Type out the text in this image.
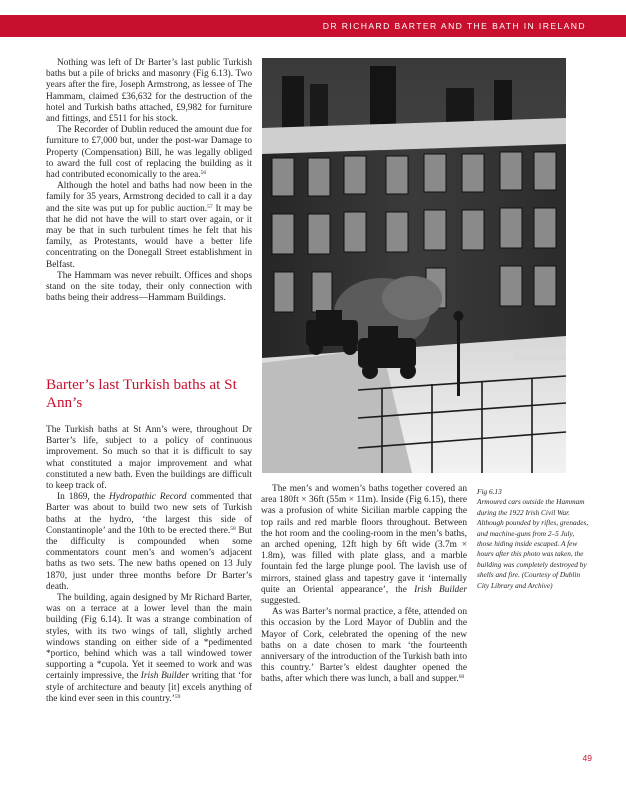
DR RICHARD BARTER AND THE BATH IN IRELAND

Nothing was left of Dr Barter’s last public Turkish baths but a pile of bricks and masonry (Fig 6.13). Two years after the fire, Joseph Armstrong, as lessee of The Hammam, claimed £36,632 for the destruction of the hotel and Turkish baths attached, £9,982 for furniture and fittings, and £511 for his stock.

The Recorder of Dublin reduced the amount due for furniture to £7,000 but, under the post-war Damage to Property (Compensation) Bill, he was legally obliged to award the full cost of replacing the building as it had contributed economically to the area.$^{56}$

Although the hotel and baths had now been in the family for 35 years, Armstrong decided to call it a day and the site was put up for public auction.$^{57}$ It may be that he did not have the will to start over again, or it may be that in such turbulent times he felt that his family, as Protestants, would have a better life concentrating on the Donegall Street establishment in Belfast.

The Hammam was never rebuilt. Offices and shops stand on the site today, their only connection with baths being their address—Hammam Buildings.

Barter’s last Turkish baths at St Ann’s

The Turkish baths at St Ann’s were, throughout Dr Barter’s life, subject to a policy of continuous improvement. So much so that it is difficult to say what constituted a major improvement and what constituted a new bath. Even the buildings are difficult to keep track of.

In 1869, the Hydropathic Record commented that Barter was about to build two new sets of Turkish baths at the hydro, ‘the largest this side of Constantinople’ and the 10th to be erected there.$^{58}$ But the difficulty is compounded when some commentators count men’s and women’s adjacent baths as two sets. The new baths opened on 13 July 1870, just under three months before Dr Barter’s death.

The building, again designed by Mr Richard Barter, was on a terrace at a lower level than the main building (Fig 6.14). It was a strange combination of styles, with its two wings of tall, slightly arched windows standing on either side of a *pedimented *portico, behind which was a tall windowed tower supporting a *cupola. Yet it seemed to work and was certainly impressive, the Irish Builder writing that ‘for style of architecture and beauty [it] excels anything of the kind ever seen in this country.’$^{59}$

The men’s and women’s baths together covered an area 180ft × 36ft (55m × 11m). Inside (Fig 6.15), there was a profusion of white Sicilian marble capping the top rails and red marble floors throughout. Between the hot room and the cooling-room in the men’s baths, an arched opening, 12ft high by 6ft wide (3.7m × 1.8m), was filled with plate glass, and a marble fountain fed the large plunge pool. The lavish use of mirrors, stained glass and tapestry gave it ‘internally quite an Oriental appearance’, the Irish Builder suggested.

As was Barter’s normal practice, a fête, attended on this occasion by the Lord Mayor of Dublin and the Mayor of Cork, celebrated the opening of the new baths on a date chosen to mark ‘the fourteenth anniversary of the introduction of the Turkish bath into this country.’ Barter’s eldest daughter opened the baths, after which there was lunch, a ball and supper.$^{60}$

Fig 6.13
Armoured cars outside the Hammam during the 1922 Irish Civil War. Although pounded by rifles, grenades, and machine-guns from 2–5 July, those hiding inside escaped. A few hours after this photo was taken, the building was completely destroyed by shells and fire. (Courtesy of Dublin City Library and Archive)
49
